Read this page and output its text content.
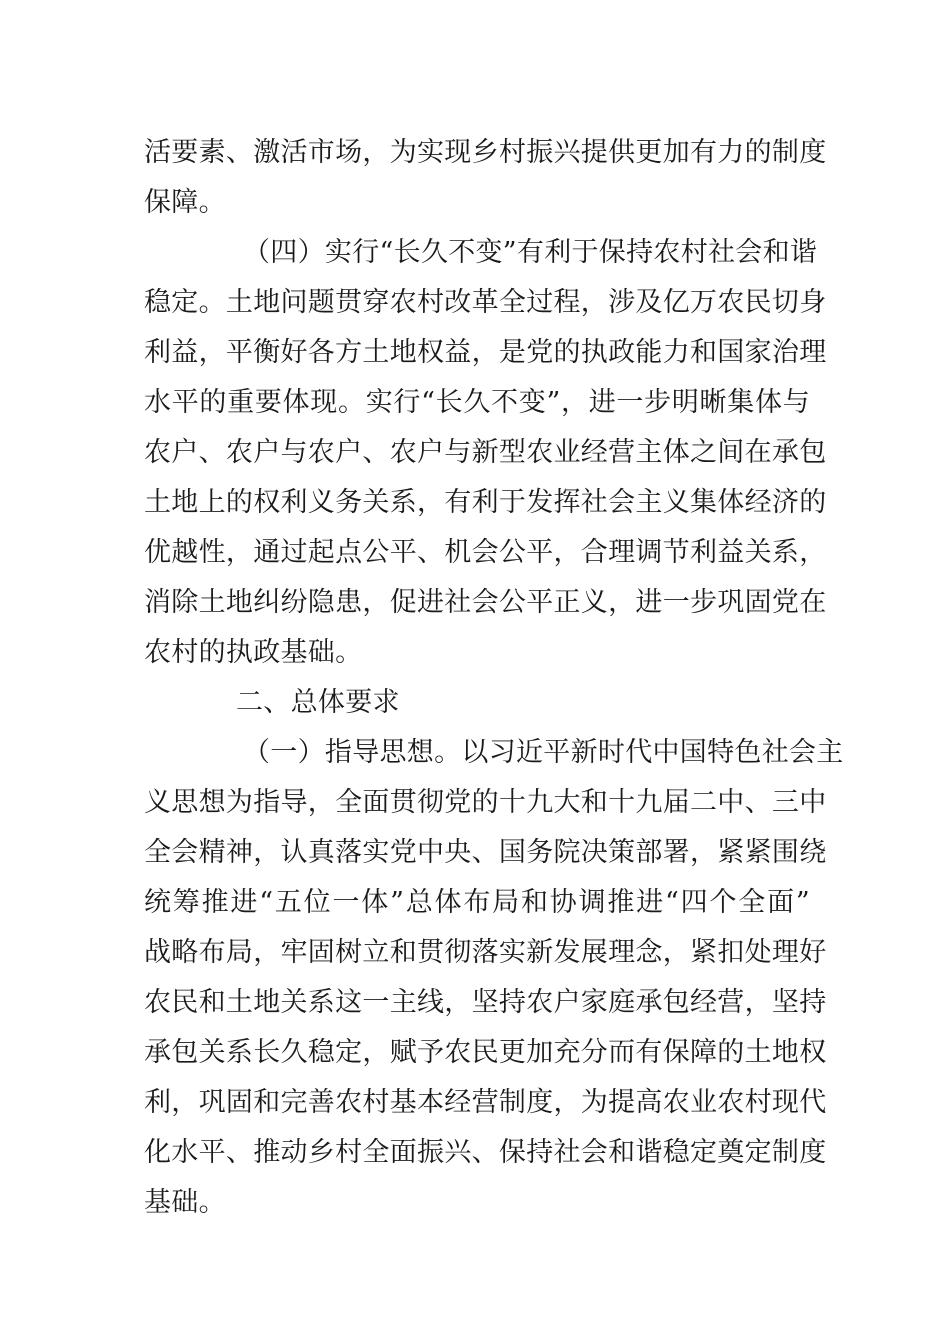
活要素、激活市场，为实现乡村振兴提供更加有力的制度
保障。
（四）实行“长久不变”有利于保持农村社会和谐
稳定。土地问题贯穿农村改革全过程，涉及亿万农民切身
利益，平衡好各方土地权益，是党的执政能力和国家治理
水平的重要体现。实行“长久不变”，进一步明晰集体与
农户、农户与农户、农户与新型农业经营主体之间在承包
土地上的权利义务关系，有利于发挥社会主义集体经济的
优越性，通过起点公平、机会公平，合理调节利益关系，
消除土地纠纷隐患，促进社会公平正义，进一步巩固党在
农村的执政基础。
二、总体要求
（一）指导思想。以习近平新时代中国特色社会主
义思想为指导，全面贯彻党的十九大和十九届二中、三中
全会精神，认真落实党中央、国务院决策部署，紧紧围绕
统筹推进“五位一体”总体布局和协调推进“四个全面”
战略布局，牢固树立和贯彻落实新发展理念，紧扣处理好
农民和土地关系这一主线，坚持农户家庭承包经营，坚持
承包关系长久稳定，赋予农民更加充分而有保障的土地权
利，巩固和完善农村基本经营制度，为提高农业农村现代
化水平、推动乡村全面振兴、保持社会和谐稳定奠定制度
基础。
